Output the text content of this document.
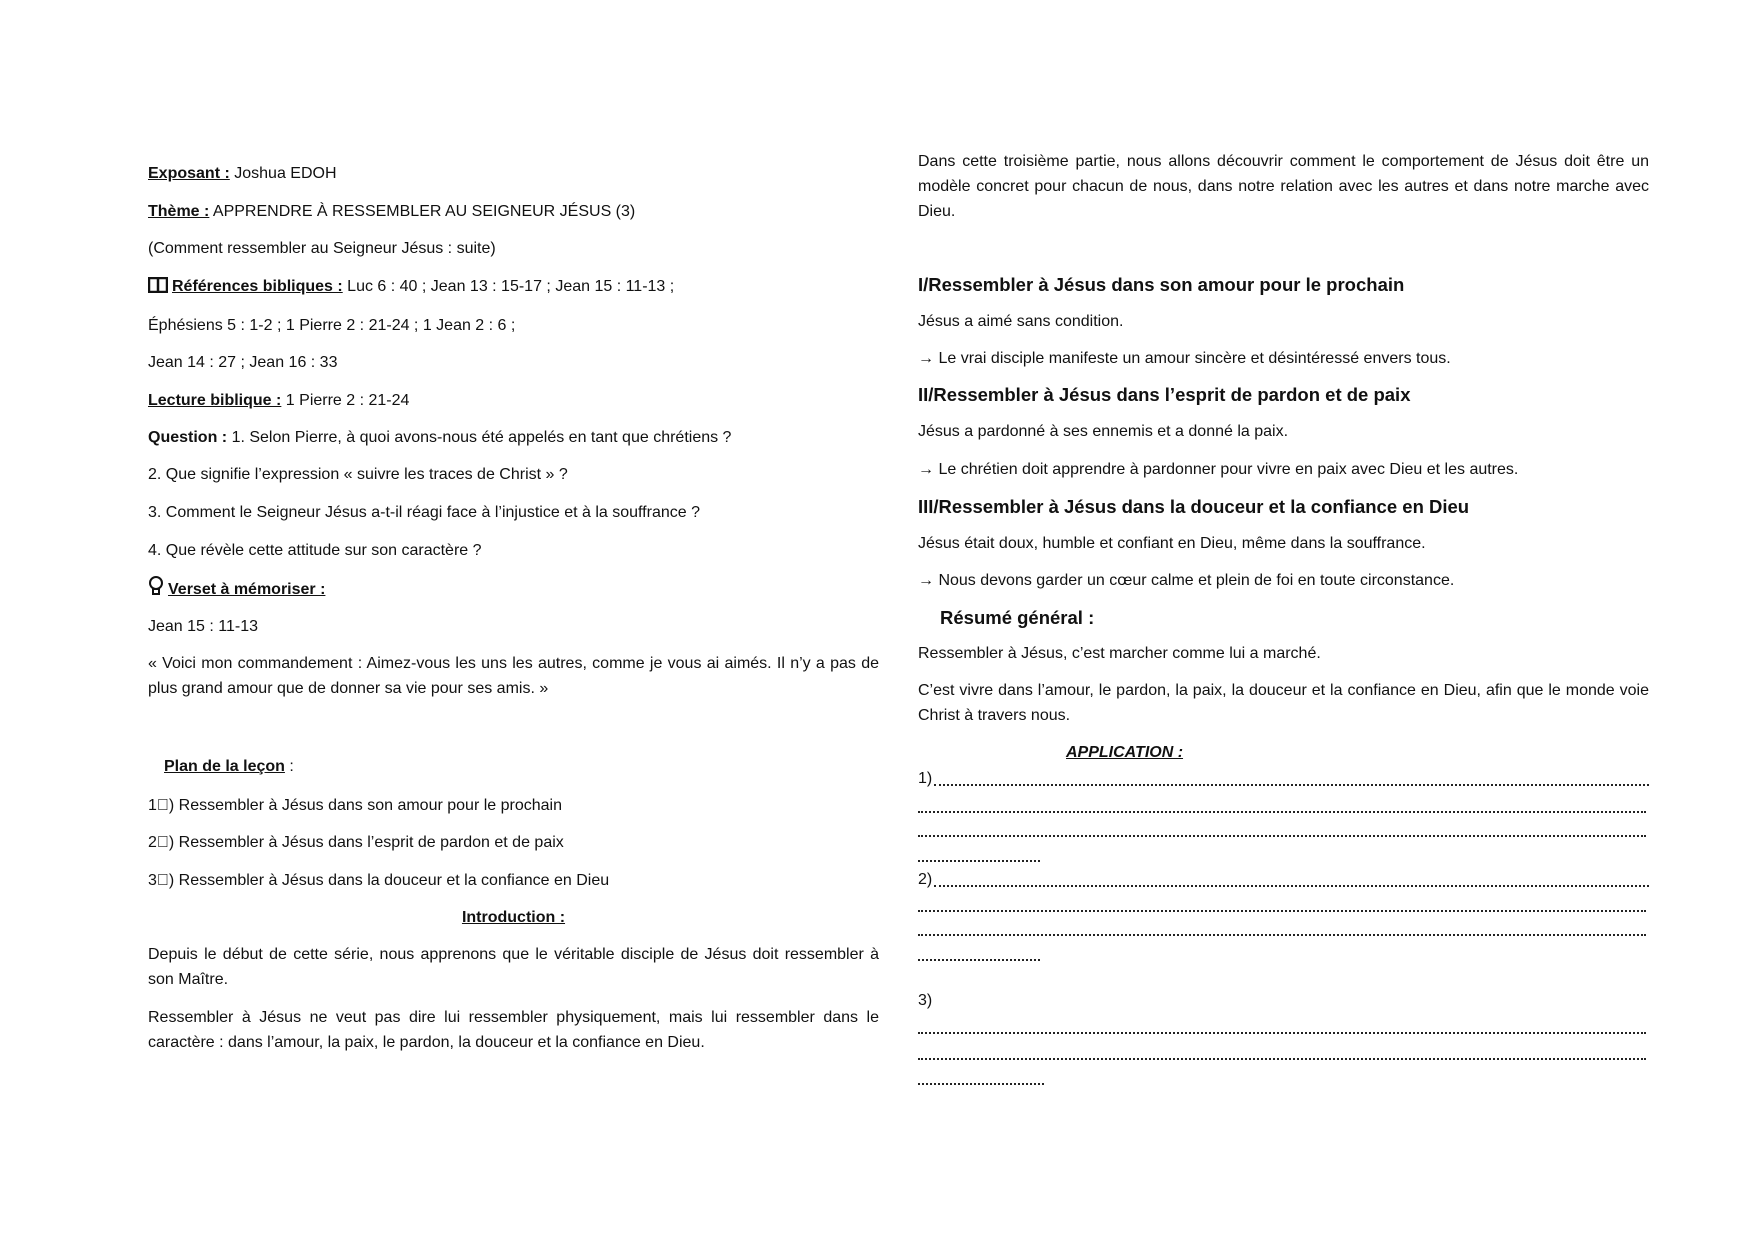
Exposant : Joshua EDOH
Thème : APPRENDRE À RESSEMBLER AU SEIGNEUR JÉSUS (3)
(Comment ressembler au Seigneur Jésus : suite)
Références bibliques : Luc 6 : 40 ; Jean 13 : 15-17 ; Jean 15 : 11-13 ;
Éphésiens 5 : 1-2 ; 1 Pierre 2 : 21-24 ; 1 Jean 2 : 6 ;
Jean 14 : 27 ; Jean 16 : 33
Lecture biblique : 1 Pierre 2 : 21-24
Question : 1. Selon Pierre, à quoi avons-nous été appelés en tant que chrétiens ?
2. Que signifie l’expression « suivre les traces de Christ » ?
3. Comment le Seigneur Jésus a-t-il réagi face à l’injustice et à la souffrance ?
4. Que révèle cette attitude sur son caractère ?
Verset à mémoriser :
Jean 15 : 11-13
« Voici mon commandement : Aimez-vous les uns les autres, comme je vous ai aimés. Il n’y a pas de plus grand amour que de donner sa vie pour ses amis. »
Plan de la leçon :
1⃣) Ressembler à Jésus dans son amour pour le prochain
2⃣) Ressembler à Jésus dans l’esprit de pardon et de paix
3⃣) Ressembler à Jésus dans la douceur et la confiance en Dieu
Introduction :
Depuis le début de cette série, nous apprenons que le véritable disciple de Jésus doit ressembler à son Maître.
Ressembler à Jésus ne veut pas dire lui ressembler physiquement, mais lui ressembler dans le caractère : dans l’amour, la paix, le pardon, la douceur et la confiance en Dieu.
Dans cette troisième partie, nous allons découvrir comment le comportement de Jésus doit être un modèle concret pour chacun de nous, dans notre relation avec les autres et dans notre marche avec Dieu.
I/Ressembler à Jésus dans son amour pour le prochain
Jésus a aimé sans condition.
→ Le vrai disciple manifeste un amour sincère et désintéressé envers tous.
II/Ressembler à Jésus dans l’esprit de pardon et de paix
Jésus a pardonné à ses ennemis et a donné la paix.
→ Le chrétien doit apprendre à pardonner pour vivre en paix avec Dieu et les autres.
III/Ressembler à Jésus dans la douceur et la confiance en Dieu
Jésus était doux, humble et confiant en Dieu, même dans la souffrance.
→ Nous devons garder un cœur calme et plein de foi en toute circonstance.
Résumé général :
Ressembler à Jésus, c’est marcher comme lui a marché.
C’est vivre dans l’amour, le pardon, la paix, la douceur et la confiance en Dieu, afin que le monde voie Christ à travers nous.
APPLICATION :
1)
2)
3)
